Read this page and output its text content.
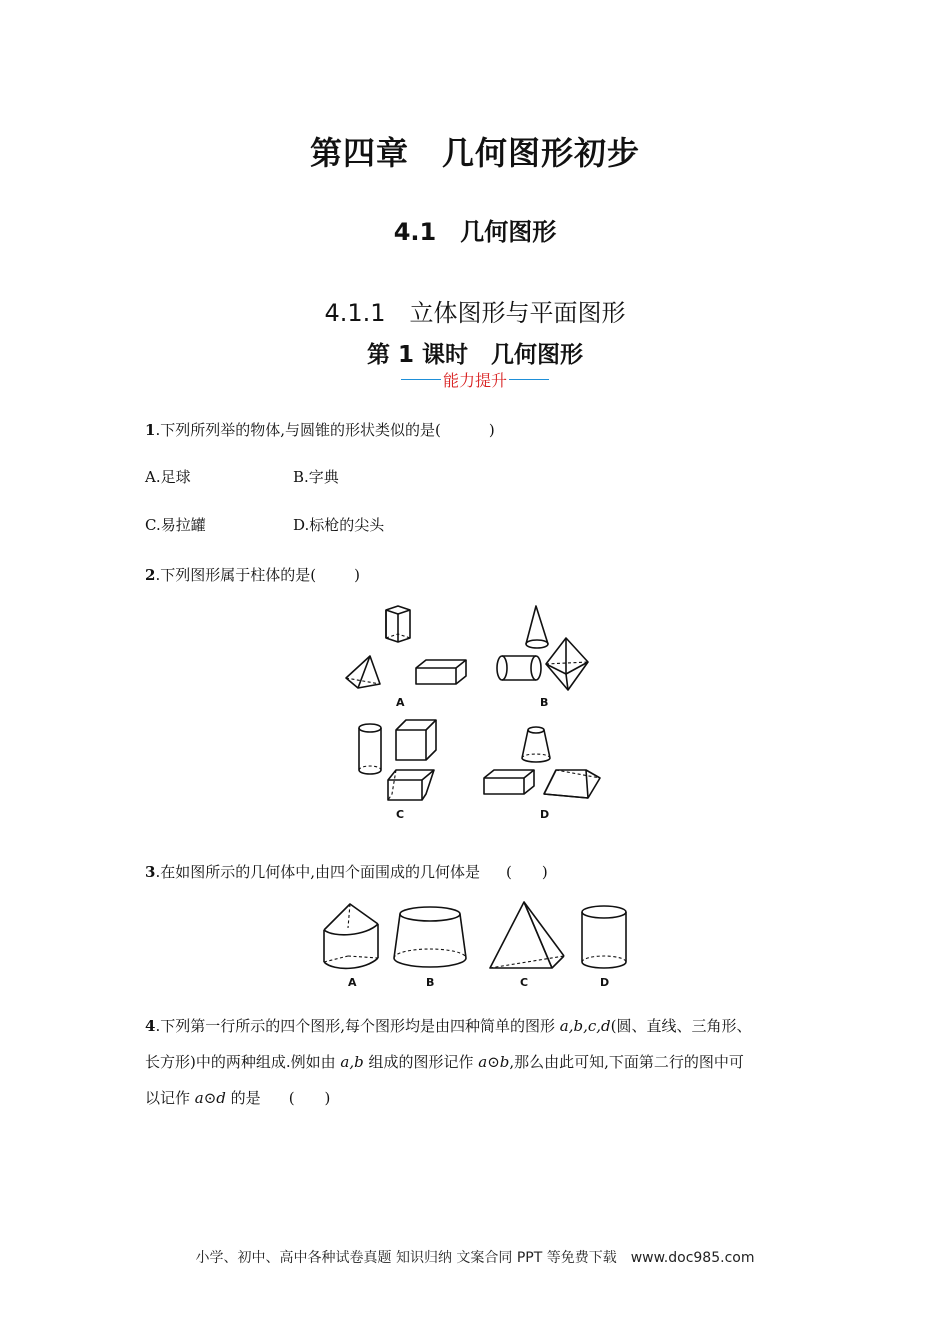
第四章　几何图形初步
4.1　几何图形
4.1.1　立体图形与平面图形
第 1 课时　几何图形
能力提升
1.下列所列举的物体,与圆锥的形状类似的是(	)
A.足球	B.字典
C.易拉罐	D.标枪的尖头
2.下列图形属于柱体的是(	)
A	B
C	D
3.在如图所示的几何体中,由四个面围成的几何体是 (　　)
A	B	C	D
4.下列第一行所示的四个图形,每个图形均是由四种简单的图形 a,b,c,d(圆、直线、三角形、
长方形)中的两种组成.例如由 a,b 组成的图形记作 a⊙b,那么由此可知,下面第二行的图中可
以记作 a⊙d 的是 (　　)
小学、初中、高中各种试卷真题 知识归纳 文案合同 PPT 等免费下载　www.doc985.com
